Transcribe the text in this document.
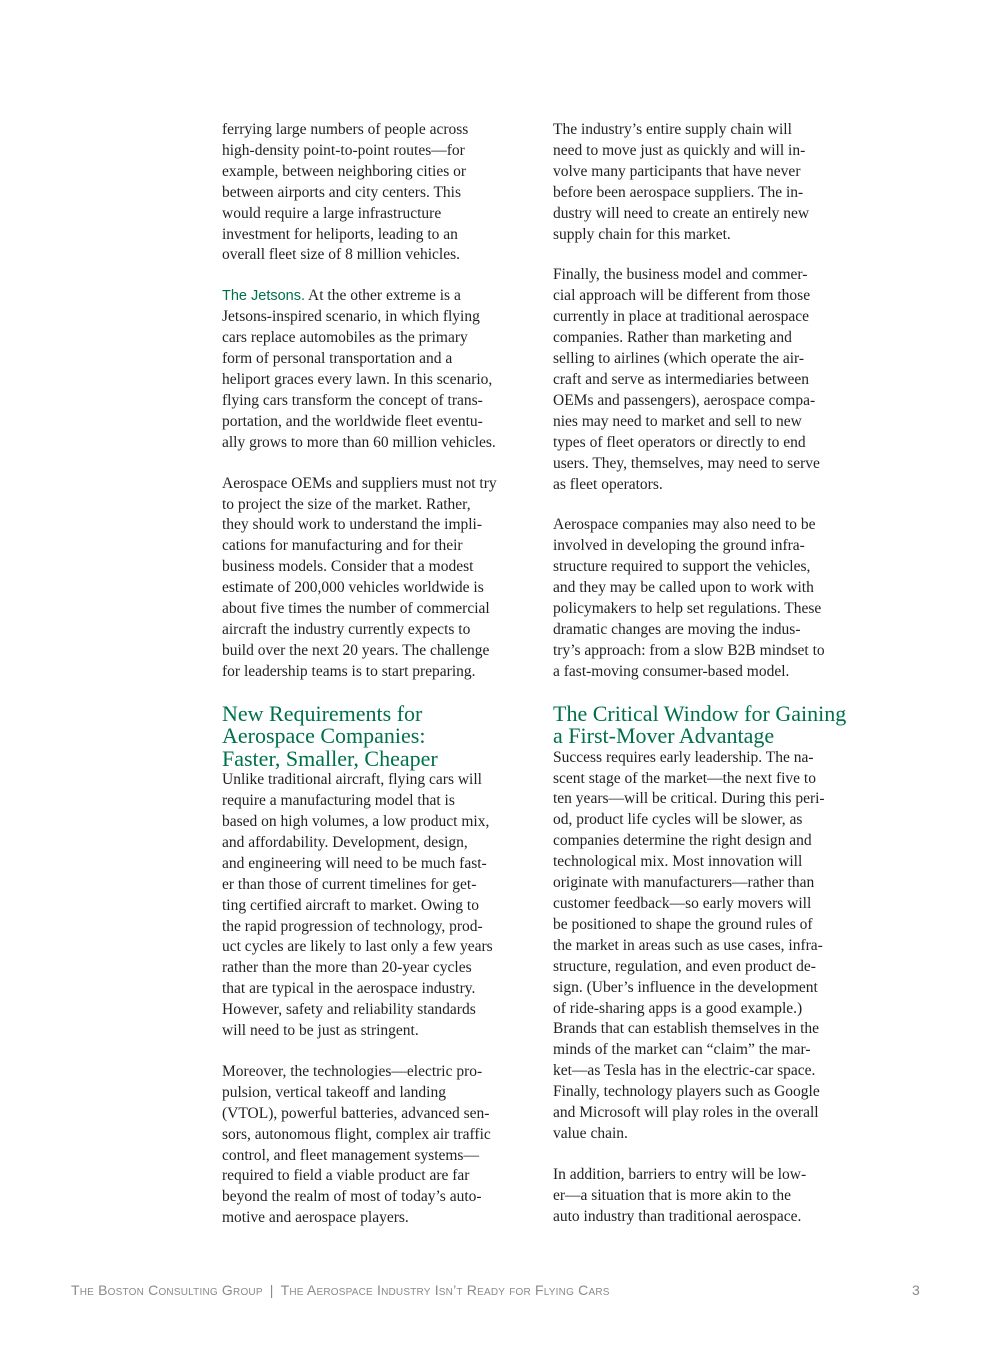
ferrying large numbers of people across
high-density point-to-point routes—for
example, between neighboring cities or
between airports and city centers. This
would require a large infrastructure
investment for heliports, leading to an
overall fleet size of 8 million vehicles.

The Jetsons. At the other extreme is a
Jetsons-inspired scenario, in which flying
cars replace automobiles as the primary
form of personal transportation and a
heliport graces every lawn. In this scenario,
flying cars transform the concept of trans-
portation, and the worldwide fleet eventu-
ally grows to more than 60 million vehicles.

Aerospace OEMs and suppliers must not try
to project the size of the market. Rather,
they should work to understand the impli-
cations for manufacturing and for their
business models. Consider that a modest
estimate of 200,000 vehicles worldwide is
about five times the number of commercial
aircraft the industry currently expects to
build over the next 20 years. The challenge
for leadership teams is to start preparing.

New Requirements for
Aerospace Companies:
Faster, Smaller, Cheaper

Unlike traditional aircraft, flying cars will
require a manufacturing model that is
based on high volumes, a low product mix,
and affordability. Development, design,
and engineering will need to be much fast-
er than those of current timelines for get-
ting certified aircraft to market. Owing to
the rapid progression of technology, prod-
uct cycles are likely to last only a few years
rather than the more than 20-year cycles
that are typical in the aerospace industry.
However, safety and reliability standards
will need to be just as stringent.

Moreover, the technologies—electric pro-
pulsion, vertical takeoff and landing
(VTOL), powerful batteries, advanced sen-
sors, autonomous flight, complex air traffic
control, and fleet management systems—
required to field a viable product are far
beyond the realm of most of today’s auto-
motive and aerospace players.

The industry’s entire supply chain will
need to move just as quickly and will in-
volve many participants that have never
before been aerospace suppliers. The in-
dustry will need to create an entirely new
supply chain for this market.

Finally, the business model and commer-
cial approach will be different from those
currently in place at traditional aerospace
companies. Rather than marketing and
selling to airlines (which operate the air-
craft and serve as intermediaries between
OEMs and passengers), aerospace compa-
nies may need to market and sell to new
types of fleet operators or directly to end
users. They, themselves, may need to serve
as fleet operators.

Aerospace companies may also need to be
involved in developing the ground infra-
structure required to support the vehicles,
and they may be called upon to work with
policymakers to help set regulations. These
dramatic changes are moving the indus-
try’s approach: from a slow B2B mindset to
a fast-moving consumer-based model.

The Critical Window for Gaining
a First-Mover Advantage

Success requires early leadership. The na-
scent stage of the market—the next five to
ten years—will be critical. During this peri-
od, product life cycles will be slower, as
companies determine the right design and
technological mix. Most innovation will
originate with manufacturers—rather than
customer feedback—so early movers will
be positioned to shape the ground rules of
the market in areas such as use cases, infra-
structure, regulation, and even product de-
sign. (Uber’s influence in the development
of ride-sharing apps is a good example.)
Brands that can establish themselves in the
minds of the market can “claim” the mar-
ket—as Tesla has in the electric-car space.
Finally, technology players such as Google
and Microsoft will play roles in the overall
value chain.

In addition, barriers to entry will be low-
er—a situation that is more akin to the
auto industry than traditional aerospace.

The Boston Consulting Group | The Aerospace Industry Isn’t Ready for Flying Cars	3
